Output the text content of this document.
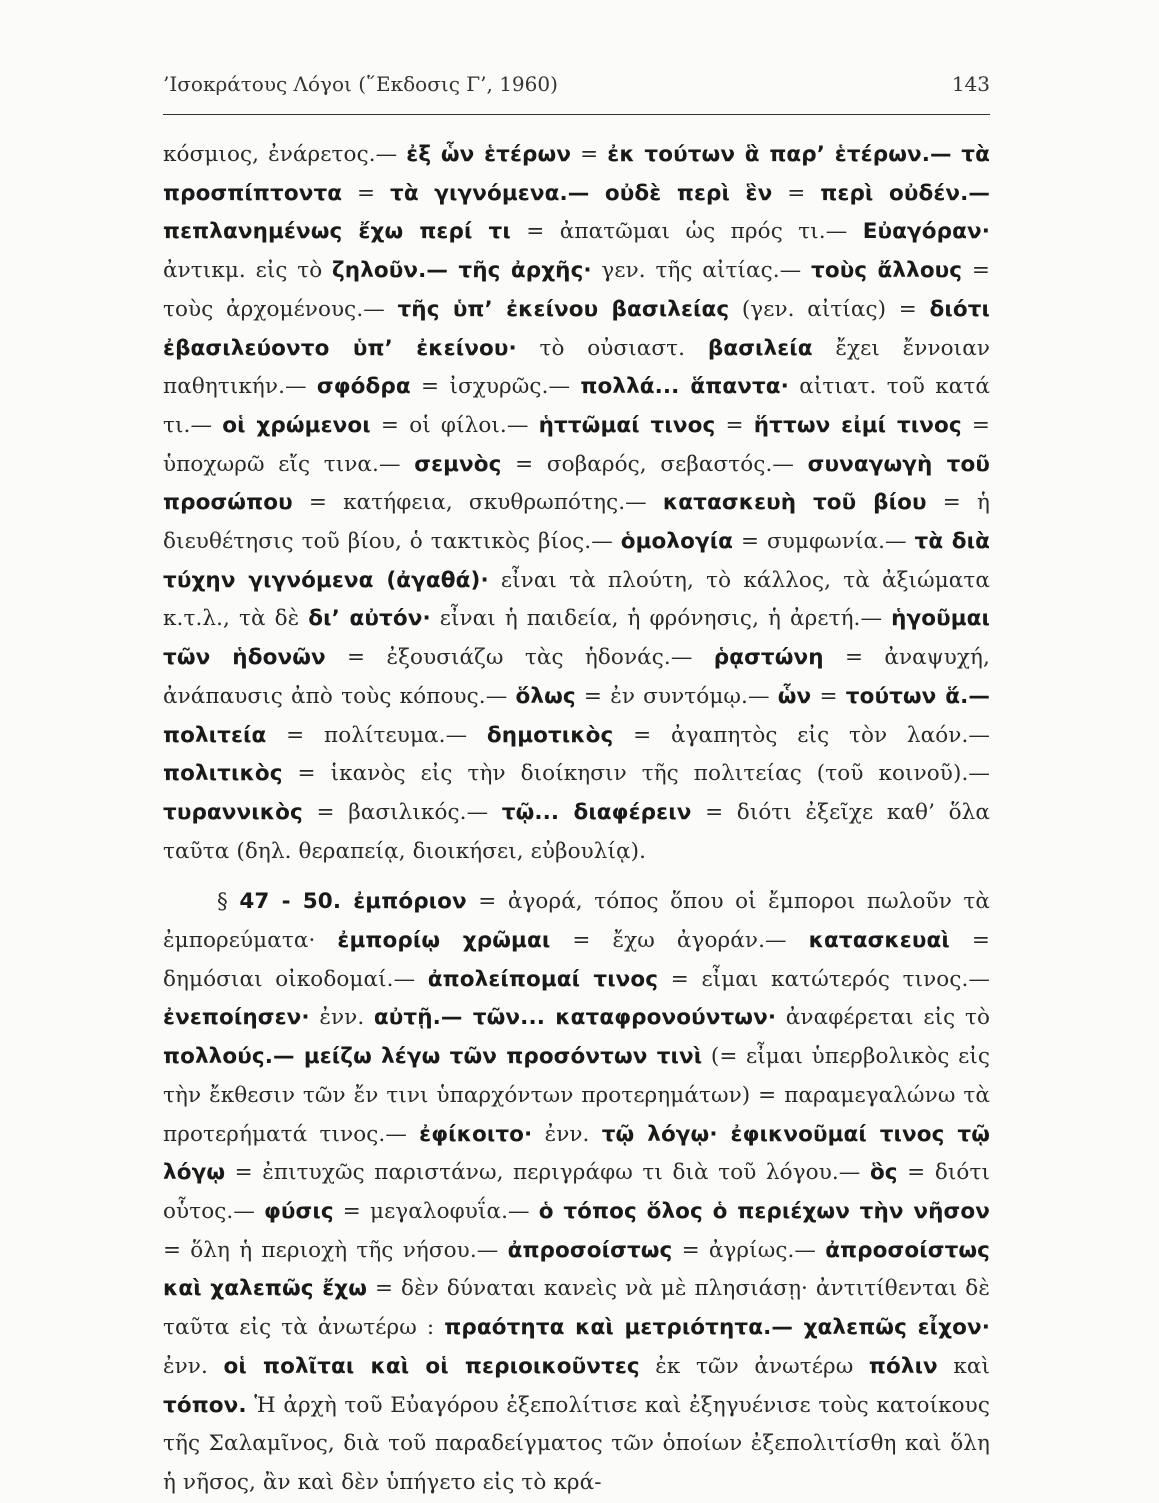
’Ισοκράτους Λόγοι (῞Εκδοσις Γ’, 1960)	143

κόσμιος, ἐνάρετος.— ἐξ ὧν ἑτέρων = ἐκ τούτων ἃ παρ’ ἑτέρων.— τὰ προσπίπτοντα = τὰ γιγνόμενα.— οὐδὲ περὶ ἓν = περὶ οὐδέν.— πεπλανημένως ἔχω περί τι = ἀπατῶμαι ὡς πρός τι.— Εὐαγόραν· ἀντικμ. εἰς τὸ ζηλοῦν.— τῆς ἀρχῆς· γεν. τῆς αἰτίας.— τοὺς ἄλλους = τοὺς ἀρχομένους.— τῆς ὑπ’ ἐκείνου βασιλείας (γεν. αἰτίας) = διότι ἐβασιλεύοντο ὑπ’ ἐκείνου· τὸ οὐσιαστ. βασιλεία ἔχει ἔννοιαν παθητικήν.— σφόδρα = ἰσχυρῶς.— πολλά... ἅπαντα· αἰτιατ. τοῦ κατά τι.— οἱ χρώμενοι = οἱ φίλοι.— ἡττῶμαί τινος = ἥττων εἰμί τινος = ὑποχωρῶ εἴς τινα.— σεμνὸς = σοβαρός, σεβαστός.— συναγωγὴ τοῦ προσώπου = κατήφεια, σκυθρωπότης.— κατασκευὴ τοῦ βίου = ἡ διευθέτησις τοῦ βίου, ὁ τακτικὸς βίος.— ὁμολογία = συμφωνία.— τὰ διὰ τύχην γιγνόμενα (ἀγαθά)· εἶναι τὰ πλούτη, τὸ κάλλος, τὰ ἀξιώματα κ.τ.λ., τὰ δὲ δι’ αὐτόν· εἶναι ἡ παιδεία, ἡ φρόνησις, ἡ ἀρετή.— ἡγοῦμαι τῶν ἡδονῶν = ἐξουσιάζω τὰς ἡδονάς.— ῥᾳστώνη = ἀναψυχή, ἀνάπαυσις ἀπὸ τοὺς κόπους.— ὅλως = ἐν συντόμῳ.— ὧν = τούτων ἅ.— πολιτεία = πολίτευμα.— δημοτικὸς = ἀγαπητὸς εἰς τὸν λαόν.— πολιτικὸς = ἱκανὸς εἰς τὴν διοίκησιν τῆς πολιτείας (τοῦ κοινοῦ).— τυραννικὸς = βασιλικός.— τῷ... διαφέρειν = διότι ἐξεῖχε καθ’ ὅλα ταῦτα (δηλ. θεραπείᾳ, διοικήσει, εὐβουλίᾳ).

§ 47 - 50. ἐμπόριον = ἀγορά, τόπος ὅπου οἱ ἔμποροι πωλοῦν τὰ ἐμπορεύματα· ἐμπορίῳ χρῶμαι = ἔχω ἀγοράν.— κατασκευαὶ = δημόσιαι οἰκοδομαί.— ἀπολείπομαί τινος = εἶμαι κατώτερός τινος.— ἐνεποίησεν· ἐνν. αὐτῇ.— τῶν... καταφρονούντων· ἀναφέρεται εἰς τὸ πολλούς.— μείζω λέγω τῶν προσόντων τινὶ (= εἶμαι ὑπερβολικὸς εἰς τὴν ἔκθεσιν τῶν ἔν τινι ὑπαρχόντων προτερημάτων) = παραμεγαλώνω τὰ προτερήματά τινος.— ἐφίκοιτο· ἐνν. τῷ λόγῳ· ἐφικνοῦμαί τινος τῷ λόγῳ = ἐπιτυχῶς παριστάνω, περιγράφω τι διὰ τοῦ λόγου.— ὃς = διότι οὗτος.— φύσις = μεγαλοφυΐα.— ὁ τόπος ὅλος ὁ περιέχων τὴν νῆσον = ὅλη ἡ περιοχὴ τῆς νήσου.— ἀπροσοίστως = ἀγρίως.— ἀπροσοίστως καὶ χαλεπῶς ἔχω = δὲν δύναται κανεὶς νὰ μὲ πλησιάσῃ· ἀντιτίθενται δὲ ταῦτα εἰς τὰ ἀνωτέρω : πραότητα καὶ μετριότητα.— χαλεπῶς εἶχον· ἐνν. οἱ πολῖται καὶ οἱ περιοικοῦντες ἐκ τῶν ἀνωτέρω πόλιν καὶ τόπον. Ἡ ἀρχὴ τοῦ Εὐαγόρου ἐξεπολίτισε καὶ ἐξηγυένισε τοὺς κατοίκους τῆς Σαλαμῖνος, διὰ τοῦ παραδείγματος τῶν ὁποίων ἐξεπολιτίσθη καὶ ὅλη ἡ νῆσος, ἂν καὶ δὲν ὑπήγετο εἰς τὸ κρά-
